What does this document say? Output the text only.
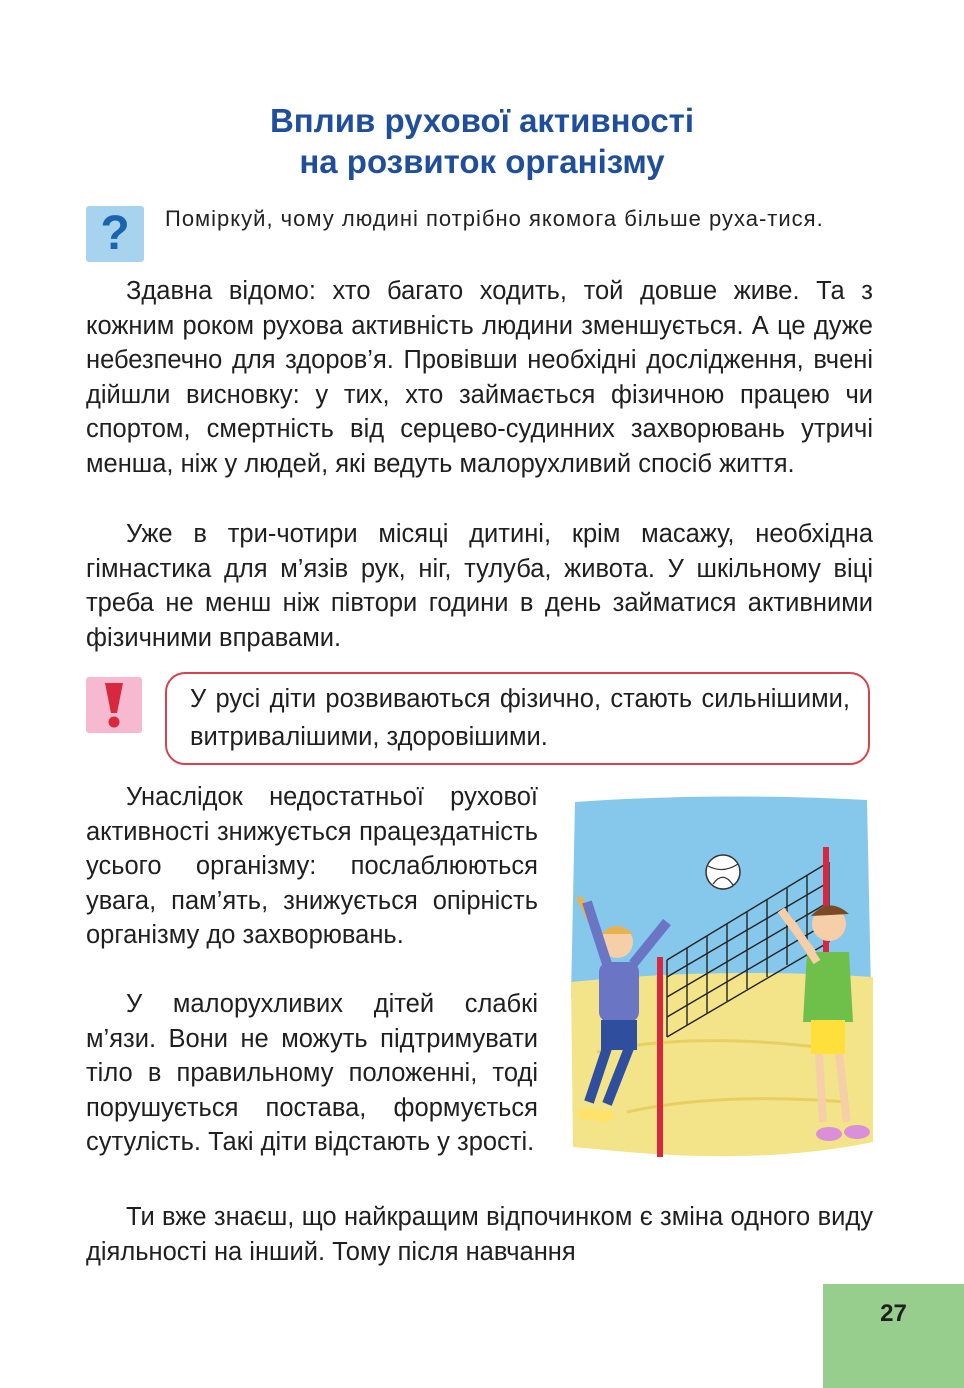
Вплив рухової активності
на розвиток організму
? Поміркуй, чому людині потрібно якомога більше руха-тися.

Здавна відомо: хто багато ходить, той довше живе. Та з кожним роком рухова активність людини зменшується. А це дуже небезпечно для здоров’я. Провівши необхідні дослідження, вчені дійшли висновку: у тих, хто займається фізичною працею чи спортом, смертність від серцево-судинних захворювань утричі менша, ніж у людей, які ведуть малорухливий спосіб життя.

Уже в три-чотири місяці дитині, крім масажу, необхідна гімнастика для м’язів рук, ніг, тулуба, живота. У шкільному віці треба не менш ніж півтори години в день займатися активними фізичними вправами.

У русі діти розвиваються фізично, стають сильнішими, витривалішими, здоровішими.

Унаслідок недостатньої рухової активності знижується працездатність усього організму: послаблюються увага, пам’ять, знижується опірність організму до захворювань.

У малорухливих дітей слабкі м’язи. Вони не можуть підтримувати тіло в правильному положенні, тоді порушується постава, формується сутулість. Такі діти відстають у зрості.

Ти вже знаєш, що найкращим відпочинком є зміна одного виду діяльності на інший. Тому після навчання

27
